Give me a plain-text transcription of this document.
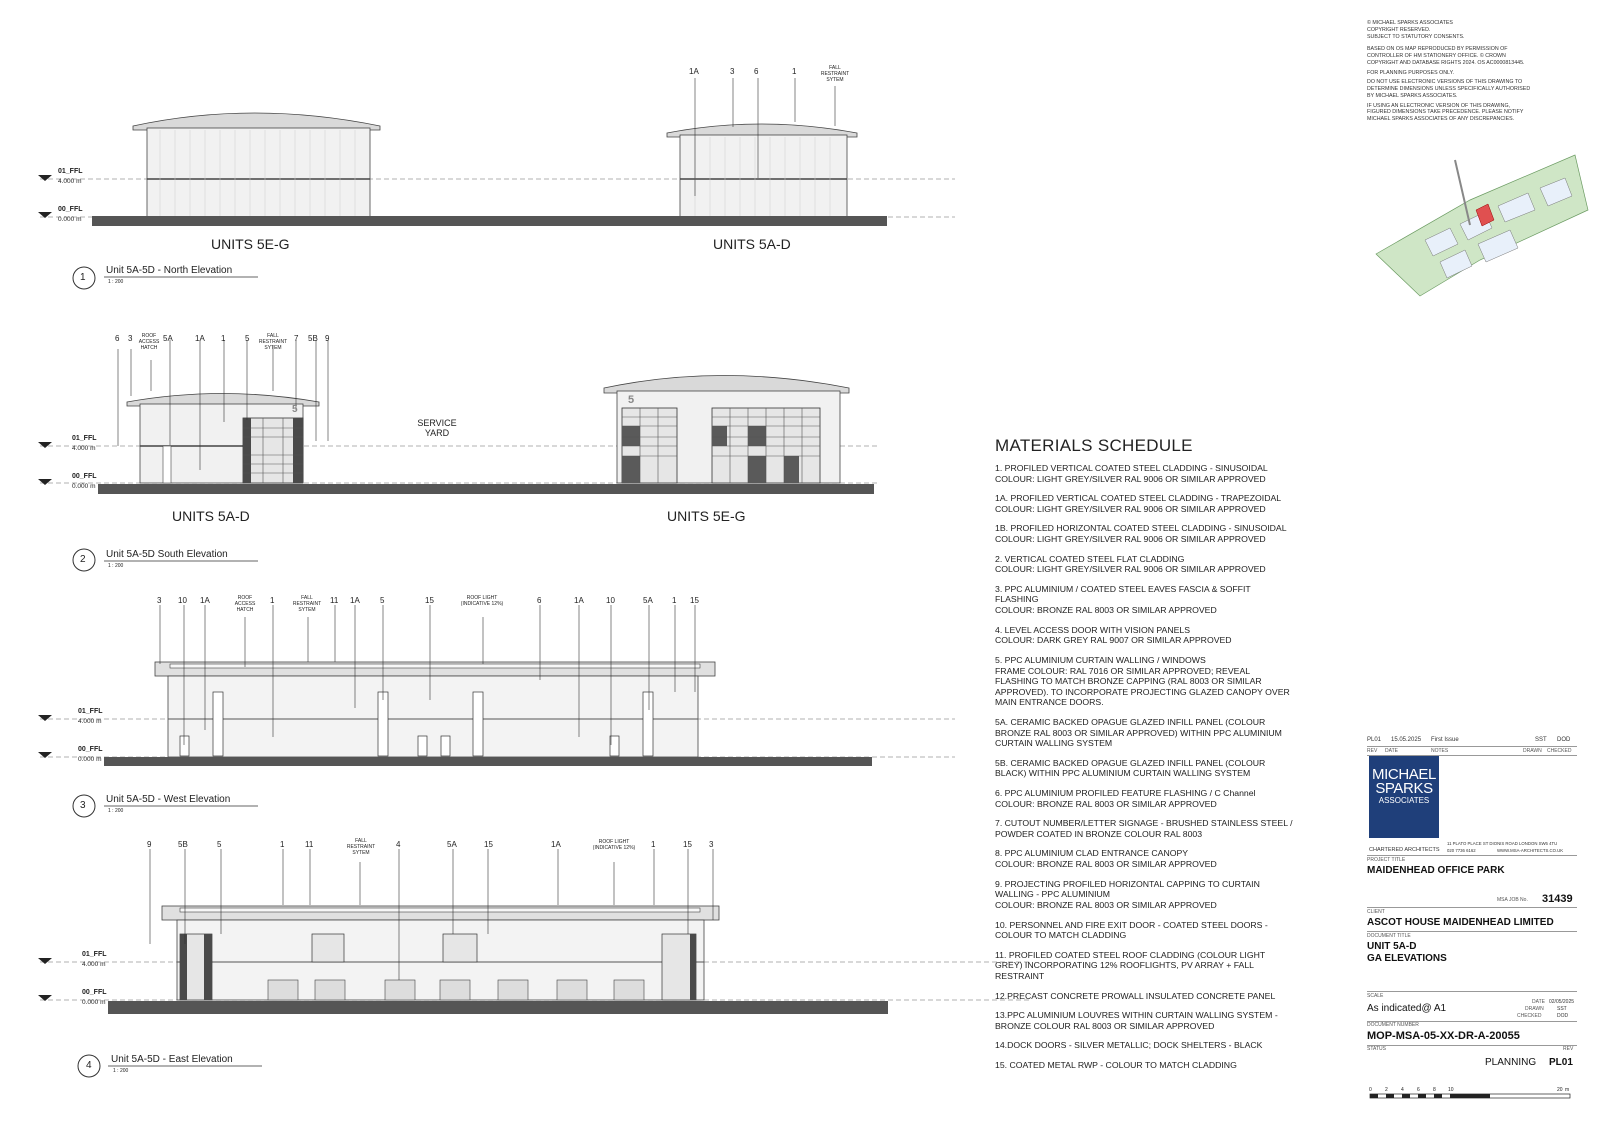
01_FFL
4.000 m
00_FFL
0.000 m
01_FFL
4.000 m
00_FFL
0.000 m
01_FFL
4.000 m
00_FFL
0.000 m
01_FFL
4.000 m
00_FFL
0.000 m
UNITS 5E-G	UNITS 5A-D
1
Unit 5A-5D - North Elevation
1 : 200
1A	3 6	1	FALL
RESTRAINT
SYTEM
UNITS 5A-D	UNITS 5E-G
2 Unit 5A-5D South Elevation
1 : 200
SERVICE
YARD
5
5
6 3	5A	1A 1 5	7 5B 9
ROOF
ACCESS
HATCH
FALL
RESTRAINT
SYTEM
3
Unit 5A-5D - West Elevation
1 : 200
3 10 1A	1	11 1A	5	15	6	1A	10	5A 1 15
ROOF
ACCESS
HATCH
FALL
RESTRAINT
SYTEM
ROOF LIGHT
(INDICATIVE 12%)
4
Unit 5A-5D - East Elevation
1 : 200
9	5B	5	1	11	4	5A	15	1A	1	15 3
FALL
RESTRAINT
SYTEM
ROOF LIGHT
(INDICATIVE 12%)

© MICHAEL SPARKS ASSOCIATES

COPYRIGHT RESERVED.

SUBJECT TO STATUTORY CONSENTS.

BASED ON OS MAP REPRODUCED BY PERMISSION OF CONTROLLER OF HM STATIONERY OFFICE. © CROWN COPYRIGHT AND DATABASE RIGHTS 2024. OS AC0000813445.

FOR PLANNING PURPOSES ONLY.

DO NOT USE ELECTRONIC VERSIONS OF THIS DRAWING TO DETERMINE DIMENSIONS UNLESS SPECIFICALLY AUTHORISED BY MICHAEL SPARKS ASSOCIATES.

IF USING AN ELECTRONIC VERSION OF THIS DRAWING, FIGURED DIMENSIONS TAKE PRECEDENCE. PLEASE NOTIFY MICHAEL SPARKS ASSOCIATES OF ANY DISCREPANCIES.

MATERIALS SCHEDULE
1. PROFILED VERTICAL COATED STEEL CLADDING - SINUSOIDAL
COLOUR: LIGHT GREY/SILVER RAL 9006 OR SIMILAR APPROVED
1A. PROFILED VERTICAL COATED STEEL CLADDING - TRAPEZOIDAL
COLOUR: LIGHT GREY/SILVER RAL 9006 OR SIMILAR APPROVED
1B. PROFILED HORIZONTAL COATED STEEL CLADDING - SINUSOIDAL
COLOUR: LIGHT GREY/SILVER RAL 9006 OR SIMILAR APPROVED
2. VERTICAL COATED STEEL FLAT CLADDING
COLOUR: LIGHT GREY/SILVER RAL 9006 OR SIMILAR APPROVED
3. PPC ALUMINIUM / COATED STEEL EAVES FASCIA & SOFFIT
FLASHING
COLOUR: BRONZE RAL 8003 OR SIMILAR APPROVED
4. LEVEL ACCESS DOOR WITH VISION PANELS
COLOUR: DARK GREY RAL 9007 OR SIMILAR APPROVED
5. PPC ALUMINIUM CURTAIN WALLING / WINDOWS
FRAME COLOUR: RAL 7016 OR SIMILAR APPROVED; REVEAL
FLASHING TO MATCH BRONZE CAPPING (RAL 8003 OR SIMILAR
APPROVED). TO INCORPORATE PROJECTING GLAZED CANOPY OVER
MAIN ENTRANCE DOORS.
5A. CERAMIC BACKED OPAGUE GLAZED INFILL PANEL (COLOUR
BRONZE RAL 8003 OR SIMILAR APPROVED) WITHIN PPC ALUMINIUM
CURTAIN WALLING SYSTEM
5B. CERAMIC BACKED OPAGUE GLAZED INFILL PANEL (COLOUR
BLACK) WITHIN PPC ALUMINIUM CURTAIN WALLING SYSTEM
6. PPC ALUMINIUM PROFILED FEATURE FLASHING / C Channel
COLOUR: BRONZE RAL 8003 OR SIMILAR APPROVED
7. CUTOUT NUMBER/LETTER SIGNAGE - BRUSHED STAINLESS STEEL /
POWDER COATED IN BRONZE COLOUR RAL 8003
8. PPC ALUMINIUM CLAD ENTRANCE CANOPY
COLOUR: BRONZE RAL 8003 OR SIMILAR APPROVED
9. PROJECTING PROFILED HORIZONTAL CAPPING TO CURTAIN
WALLING - PPC ALUMINIUM
COLOUR: BRONZE RAL 8003 OR SIMILAR APPROVED
10. PERSONNEL AND FIRE EXIT DOOR - COATED STEEL DOORS -
COLOUR TO MATCH CLADDING
11. PROFILED COATED STEEL ROOF CLADDING (COLOUR LIGHT
GREY) INCORPORATING 12% ROOFLIGHTS, PV ARRAY + FALL
RESTRAINT
12.PRECAST CONCRETE PROWALL INSULATED CONCRETE PANEL
13.PPC ALUMINIUM LOUVRES WITHIN CURTAIN WALLING SYSTEM -
BRONZE COLOUR RAL 8003 OR SIMILAR APPROVED
14.DOCK DOORS - SILVER METALLIC; DOCK SHELTERS - BLACK
15. COATED METAL RWP - COLOUR TO MATCH CLADDING
PL01 15.05.2025 First Issue	SST DOD
REV DATE	NOTES	DRAWN CHECKED
MICHAEL
SPARKS
ASSOCIATES
CHARTERED ARCHITECTS
11 PLATO PLACE ST DIONIS ROAD LONDON SW6 4TU
020 7736 6162	WWW.MSA-ARCHITECTS.CO.UK
PROJECT TITLE
MAIDENHEAD OFFICE PARK
MSA JOB No. 31439
CLIENT
ASCOT HOUSE MAIDENHEAD LIMITED
DOCUMENT TITLE
UNIT 5A-D
GA ELEVATIONS
SCALE
As indicated@ A1
DATE 02/05/2025
DRAWN	SST
CHECKED	DOD
DOCUMENT NUMBER
MOP-MSA-05-XX-DR-A-20055
STATUS	REV
PLANNING PL01
0	2	4	6	8 10	20 m
